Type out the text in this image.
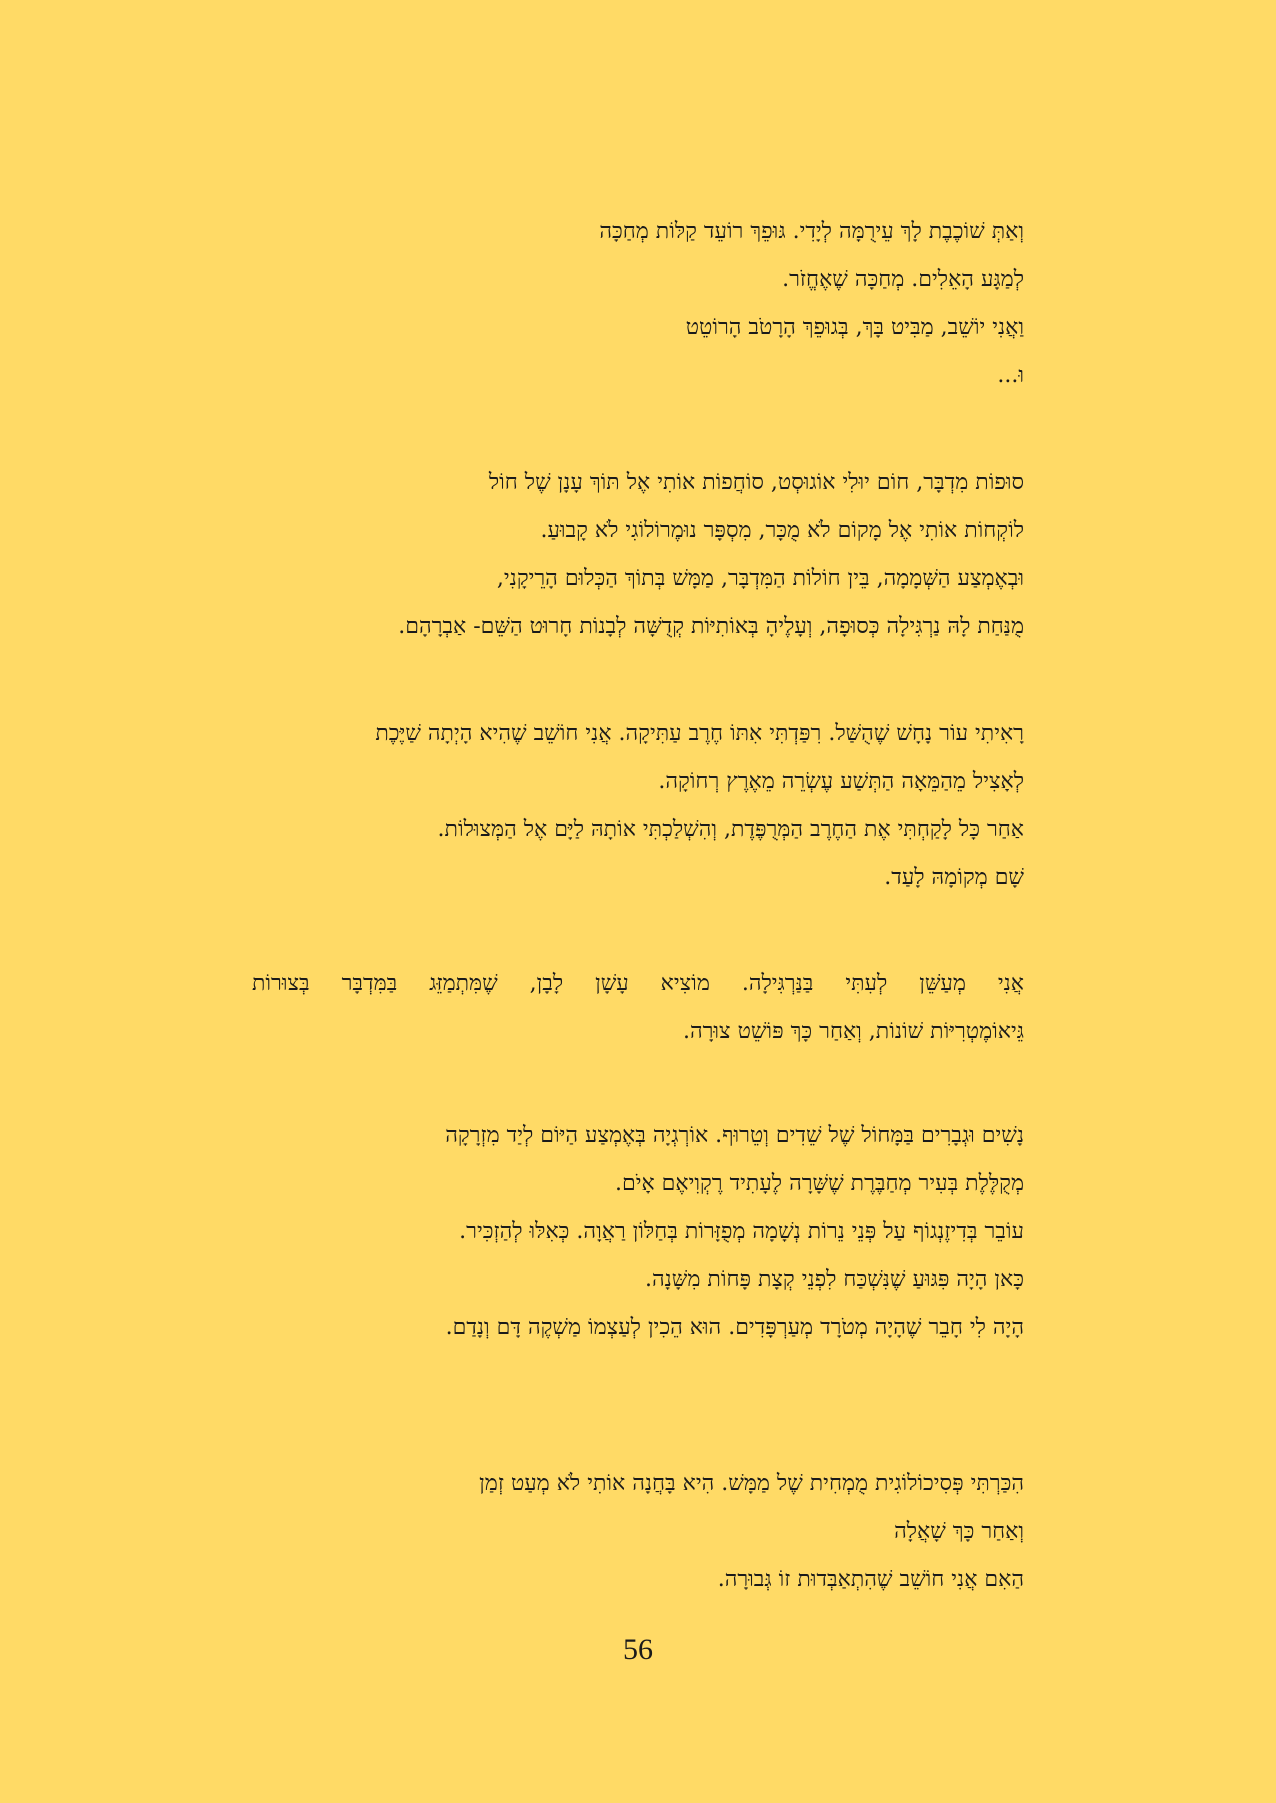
וְאַתְּ שׁוֹכֶבֶת לָךְ עֵירֻמָּה לְיָדִי. גּוּפֵךְ רוֹעֵד קַלּוֹת מְחַכָּה
לְמַגָּע הָאֵלִים. מְחַכָּה שֶׁאֶחֱזֹר.
וַאֲנִי יוֹשֵׁב, מַבִּיט בָּךְ, בְּגוּפֵךְ הָרָטֹב הָרוֹטֵט
וּ...
סוּפוֹת מִדְבָּר, חוֹם יוּלִי אוֹגוּסְט, סוֹחֲפוֹת אוֹתִי אֶל תּוֹךְ עָנָן שֶׁל חוֹל
לוֹקְחוֹת אוֹתִי אֶל מָקוֹם לֹא מֻכָּר, מִסְפָּר נוּמֶרוֹלוֹגִי לֹא קָבוּעַ.
וּבְאֶמְצַע הַשְּׁמָמָה, בֵּין חוֹלוֹת הַמִּדְבָּר, מַמָּשׁ בְּתוֹךְ הַכְּלוּם הָרֵיקָנִי,
מֻנַּחַת לָהּ נַרְגִּילָה כְּסוּפָה, וְעָלֶיהָ בְּאוֹתִיּוֹת קְדֻשָּׁה לְבָנוֹת חָרוּט הַשֵּׁם- אַבְרָהָם.
רָאִיתִי עוֹר נָחָשׁ שֶׁהֻשַּׁל. רִפַּדְתִּי אִתּוֹ חֶרֶב עַתִּיקָה. אֲנִי חוֹשֵׁב שֶׁהִיא הָיְתָה שַׁיֶּכֶת
לְאָצִיל מֵהַמֵּאָה הַתְּשַׁע עֶשְׂרֵה מֵאֶרֶץ רְחוֹקָה.
אַחַר כָּל לָקַחְתִּי אֶת הַחֶרֶב הַמְּרֻפֶּדֶת, וְהִשְׁלַכְתִּי אוֹתָהּ לַיָּם אֶל הַמְּצוּלוֹת.
שָׁם מְקוֹמָהּ לָעַד.
אֲנִי מְעַשֵּׁן לְעִתִּי בַּנַּרְגִּילָה. מוֹצִיא עָשָׁן לָבָן, שֶׁמִּתְמַזֵּג בַּמִּדְבָּר בְּצוּרוֹת
גֵּיאוֹמֶטְרִיּוֹת שׁוֹנוֹת, וְאַחַר כָּךְ פּוֹשֵׁט צוּרָה.
נָשִׁים וּגְבָרִים בַּמָּחוֹל שֶׁל שֵׁדִים וְטֵרוּף. אוֹרְגְיָה בְּאֶמְצַע הַיּוֹם לְיַד מִזְרָקָה
מְקֻלֶּלֶת בְּעִיר מְחַבֶּרֶת שֶׁשָּׁרָה לֶעָתִיד רֶקְוִיאֶם אָיֹם.
עוֹבֵר בְּדִיזֶנְגוֹף עַל פְּנֵי נֵרוֹת נְשָׁמָה מְפֻזָּרוֹת בְּחַלּוֹן רַאֲוָה. כְּאִלּוּ לְהַזְכִּיר.
כָּאן הָיָה פִּגּוּעַ שֶׁנִּשְׁכַּח לִפְנֵי קְצָת פָּחוֹת מִשָּׁנָה.
הָיָה לִי חָבֵר שֶׁהָיָה מְטֹרָד מְעַרְפָּדִים. הוּא הֵכִין לְעַצְמוֹ מַשְׁקֶה דָּם וְנָדַם.
הִכַּרְתִּי פְּסִיכוֹלוֹגִית מֻמְחִית שֶׁל מַמָּשׁ. הִיא בָּחֲנָה אוֹתִי לֹא מְעַט זְמַן
וְאַחַר כָּךְ שָׁאֲלָה
הַאִם אֲנִי חוֹשֵׁב שֶׁהִתְאַבְּדוּת זוֹ גְּבוּרָה.
56
